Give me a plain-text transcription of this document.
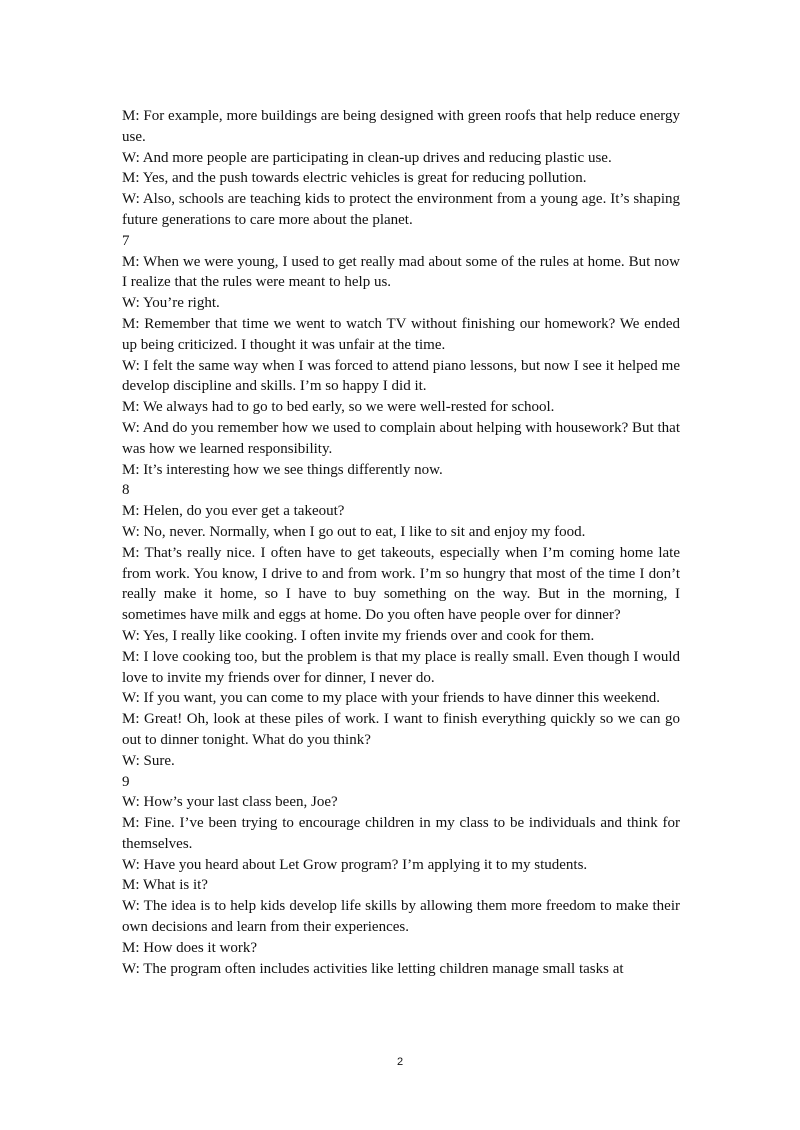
M: For example, more buildings are being designed with green roofs that help reduce energy use.

W: And more people are participating in clean-up drives and reducing plastic use.

M: Yes, and the push towards electric vehicles is great for reducing pollution.

W: Also, schools are teaching kids to protect the environment from a young age. It’s shaping future generations to care more about the planet.

7

M: When we were young, I used to get really mad about some of the rules at home. But now I realize that the rules were meant to help us.

W: You’re right.

M: Remember that time we went to watch TV without finishing our homework? We ended up being criticized. I thought it was unfair at the time.

W: I felt the same way when I was forced to attend piano lessons, but now I see it helped me develop discipline and skills. I’m so happy I did it.

M: We always had to go to bed early, so we were well-rested for school.

W: And do you remember how we used to complain about helping with housework? But that was how we learned responsibility.

M: It’s interesting how we see things differently now.

8

M: Helen, do you ever get a takeout?

W: No, never. Normally, when I go out to eat, I like to sit and enjoy my food.

M: That’s really nice. I often have to get takeouts, especially when I’m coming home late from work. You know, I drive to and from work. I’m so hungry that most of the time I don’t really make it home, so I have to buy something on the way. But in the morning, I sometimes have milk and eggs at home. Do you often have people over for dinner?

W: Yes, I really like cooking. I often invite my friends over and cook for them.

M: I love cooking too, but the problem is that my place is really small. Even though I would love to invite my friends over for dinner, I never do.

W: If you want, you can come to my place with your friends to have dinner this weekend.

M: Great! Oh, look at these piles of work. I want to finish everything quickly so we can go out to dinner tonight. What do you think?

W: Sure.

9

W: How’s your last class been, Joe?

M: Fine. I’ve been trying to encourage children in my class to be individuals and think for themselves.

W: Have you heard about Let Grow program? I’m applying it to my students.

M: What is it?

W: The idea is to help kids develop life skills by allowing them more freedom to make their own decisions and learn from their experiences.

M: How does it work?

W: The program often includes activities like letting children manage small tasks at

2
